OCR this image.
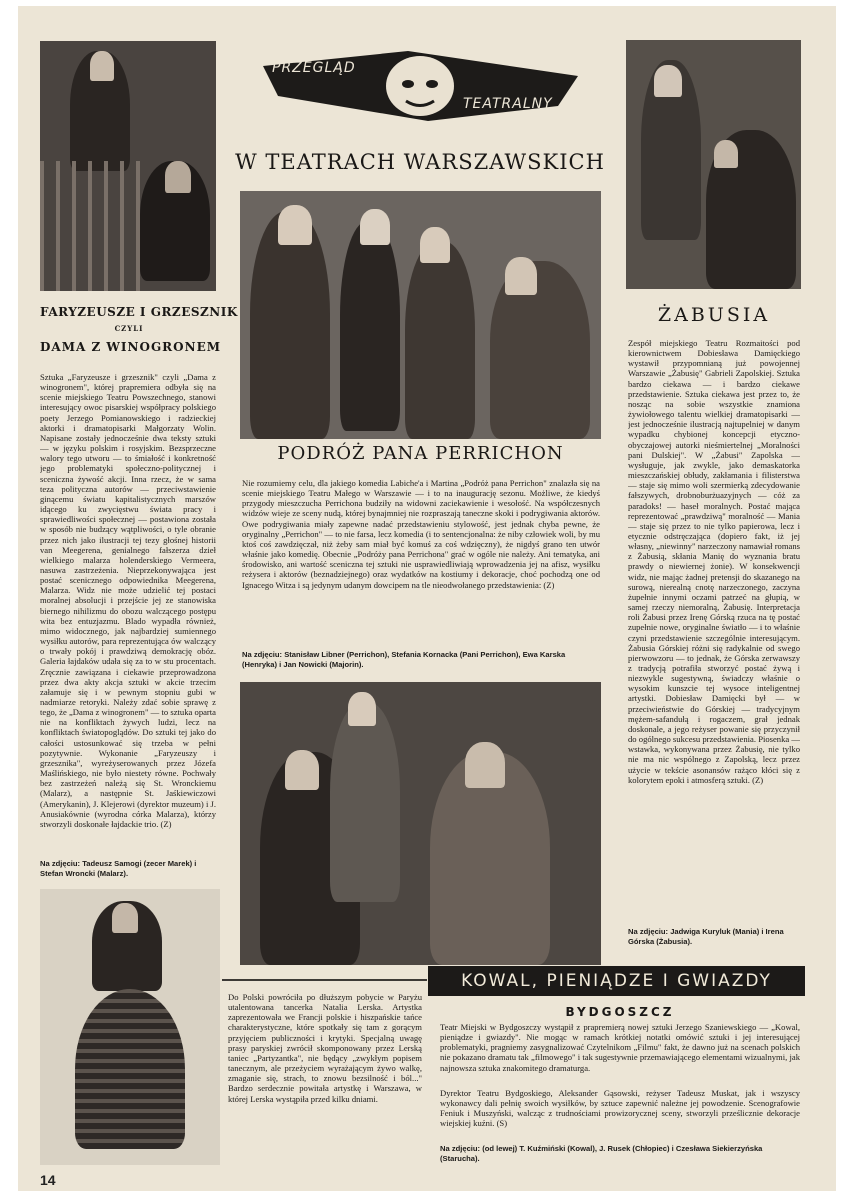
PRZEGLĄD
TEATRALNY
W TEATRACH WARSZAWSKICH
PODRÓŻ PANA PERRICHON
FARYZEUSZE I GRZESZNIK
CZYLI
DAMA Z WINOGRONEM
Sztuka „Faryzeusze i grzesznik" czyli „Dama z winogronem", której prapremiera odbyła się na scenie miejskiego Teatru Powszechnego, stanowi interesujący owoc pisarskiej współpracy polskiego poety Jerzego Pomianowskiego i radzieckiej aktorki i dramatopisarki Małgorzaty Wolin. Napisane zostały jednocześnie dwa teksty sztuki — w języku polskim i rosyjskim. Bezsprzeczne walory tego utworu — to śmiałość i konkretność jego problematyki społeczno-politycznej i sceniczna żywość akcji. Inna rzecz, że w sama teza polityczna autorów — przeciwstawienie ginącemu światu kapitalistycznych marszów idącego ku zwycięstwu świata pracy i sprawiedliwości społecznej — postawiona została w sposób nie budzący wątpliwości, o tyle obranie przez nich jako ilustracji tej tezy głośnej historii van Meegerena, genialnego fałszerza dzieł wielkiego malarza holenderskiego Vermeera, nasuwa zastrzeżenia. Nieprzekonywająca jest postać scenicznego odpowiednika Meegerena, Malarza. Widz nie może udzielić tej postaci moralnej absolucji i przejście jej ze stanowiska biernego nihilizmu do obozu walczącego postępu wita bez entuzjazmu. Blado wypadła również, mimo widocznego, jak najbardziej sumiennego wysiłku autorów, para reprezentująca ów walczący o trwały pokój i prawdziwą demokrację obóz. Galeria łajdaków udała się za to w stu procentach. Zręcznie zawiązana i ciekawie przeprowadzona przez dwa akty akcja sztuki w akcie trzecim załamuje się i w pewnym stopniu gubi w nadmiarze retoryki. Należy zdać sobie sprawę z tego, że „Dama z winogronem" — to sztuka oparta nie na konfliktach żywych ludzi, lecz na konfliktach światopoglądów. Do sztuki tej jako do całości ustosunkować się trzeba w pełni pozytywnie. Wykonanie „Faryzeuszy i grzesznika", wyreżyserowanych przez Józefa Maślińskiego, nie było niestety równe. Pochwały bez zastrzeżeń należą się St. Wronckiemu (Malarz), a następnie St. Jaśkiewiczowi (Amerykanin), J. Klejerowi (dyrektor muzeum) i J. Anusiakównie (wyrodna córka Malarza), którzy stworzyli doskonałe łajdackie trio. (Z)
Na zdjęciu: Tadeusz Samogi (zecer Marek) i Stefan Wroncki (Malarz).
Nie rozumiemy celu, dla jakiego komedia Labiche'a i Martina „Podróż pana Perrichon" znalazła się na scenie miejskiego Teatru Małego w Warszawie — i to na inaugurację sezonu. Możliwe, że kiedyś przygody mieszczucha Perrichona budziły na widowni zaciekawienie i wesołość. Na współczesnych widzów wieje ze sceny nudą, której bynajmniej nie rozpraszają taneczne skoki i podrygiwania aktorów. Owe podrygiwania miały zapewne nadać przedstawieniu stylowość, jest jednak chyba pewne, że oryginalny „Perrichon" — to nie farsa, lecz komedia (i to sentencjonalna: że niby człowiek woli, by mu ktoś coś zawdzięczał, niż żeby sam miał być komuś za coś wdzięczny), że nigdyś grano ten utwór właśnie jako komedię. Obecnie „Podróży pana Perrichona" grać w ogóle nie należy. Ani tematyka, ani środowisko, ani wartość sceniczna tej sztuki nie usprawiedliwiają wprowadzenia jej na afisz, wysiłku reżysera i aktorów (beznadziejnego) oraz wydatków na kostiumy i dekoracje, choć pochodzą one od Ignacego Witza i są jedynym udanym dowcipem na tle nieodwołanego przedstawienia: (Z)
Na zdjęciu: Stanisław Libner (Perrichon), Stefania Kornacka (Pani Perrichon), Ewa Karska (Henryka) i Jan Nowicki (Majorin).
ŻABUSIA
Zespół miejskiego Teatru Rozmaitości pod kierownictwem Dobiesława Damięckiego wystawił przypomnianą już powojennej Warszawie „Żabusię" Gabrieli Zapolskiej. Sztuka bardzo ciekawa — i bardzo ciekawe przedstawienie. Sztuka ciekawa jest przez to, że nosząc na sobie wszystkie znamiona żywiołowego talentu wielkiej dramatopisarki — jest jednocześnie ilustracją najtupelniej w danym wypadku chybionej koncepcji etyczno-obyczajowej autorki nieśmiertelnej „Moralności pani Dulskiej". W „Żabusi" Zapolska — wysługuje, jak zwykle, jako demaskatorka mieszczańskiej obłudy, zakłamania i filisterstwa — staje się mimo woli szermierką zdecydowanie fałszywych, drobnoburżuazyjnych — cóż za paradoks! — haseł moralnych. Postać mająca reprezentować „prawdziwą" moralność — Mania — staje się przez to nie tylko papierowa, lecz i etycznie odstręczająca (dopiero fakt, iż jej własny, „niewinny" narzeczony namawiał romans z Żabusią, skłania Manię do wyznania bratu prawdy o niewiernej żonie). W konsekwencji widz, nie mając żadnej pretensji do skazanego na surową, nierealną cnotę narzeczonego, zaczyna żupełnie innymi oczami patrzeć na głupią, w samej rzeczy niemoralną, Żabusię. Interpretacja roli Żabusi przez Irenę Górską rzuca na tę postać zupełnie nowe, oryginalne światło — i to właśnie czyni przedstawienie szczególnie interesującym. Żabusia Górskiej różni się radykalnie od swego pierwowzoru — to jednak, że Górska zerwawszy z tradycją potrafiła stworzyć postać żywą i niezwykle sugestywną, świadczy właśnie o wysokim kunszcie tej wysoce inteligentnej artystki. Dobiesław Damięcki był — w przeciwieństwie do Górskiej — tradycyjnym mężem-safandułą i rogaczem, grał jednak doskonale, a jego reżyser powanie się przyczynił do ogólnego sukcesu przedstawienia. Piosenka — wstawka, wykonywana przez Żabusię, nie tylko nie ma nic wspólnego z Zapolską, lecz przez użycie w tekście asonansów rażąco kłóci się z kolorytem epoki i atmosferą sztuki. (Z)
Na zdjęciu: Jadwiga Kuryluk (Mania) i Irena Górska (Żabusia).
Do Polski powróciła po dłuższym pobycie w Paryżu utalentowana tancerka Natalia Lerska. Artystka zaprezentowała we Francji polskie i hiszpańskie tańce charakterystyczne, które spotkały się tam z gorącym przyjęciem publiczności i krytyki. Specjalną uwagę prasy paryskiej zwrócił skomponowany przez Lerską taniec „Partyzantka", nie będący „zwykłym popisem tanecznym, ale przeżyciem wyrażającym żywo walkę, zmaganie się, strach, to znowu bezsilność i ból..." Bardzo serdecznie powitała artystkę i Warszawa, w której Lerska wystąpiła przed kilku dniami.
KOWAL, PIENIĄDZE I GWIAZDY
BYDGOSZCZ
Teatr Miejski w Bydgoszczy wystąpił z prapremierą nowej sztuki Jerzego Szaniewskiego — „Kowal, pieniądze i gwiazdy". Nie mogąc w ramach krótkiej notatki omówić sztuki i jej interesującej problematyki, pragniemy zasygnalizować Czytelnikom „Filmu" fakt, że dawno już na scenach polskich nie pokazano dramatu tak „filmowego" i tak sugestywnie przemawiającego elementami wizualnymi, jak najnowsza sztuka znakomitego dramaturga.
Dyrektor Teatru Bydgoskiego, Aleksander Gąsowski, reżyser Tadeusz Muskat, jak i wszyscy wykonawcy dali pełnię swoich wysiłków, by sztuce zapewnić należne jej powodzenie. Scenografowie Feniuk i Muszyński, walcząc z trudnościami prowizorycznej sceny, stworzyli prześlicznie dekoracje wiejskiej kuźni. (S)
Na zdjęciu: (od lewej) T. Kuźmiński (Kowal), J. Rusek (Chłopiec) i Czesława Siekierzyńska (Starucha).
14
